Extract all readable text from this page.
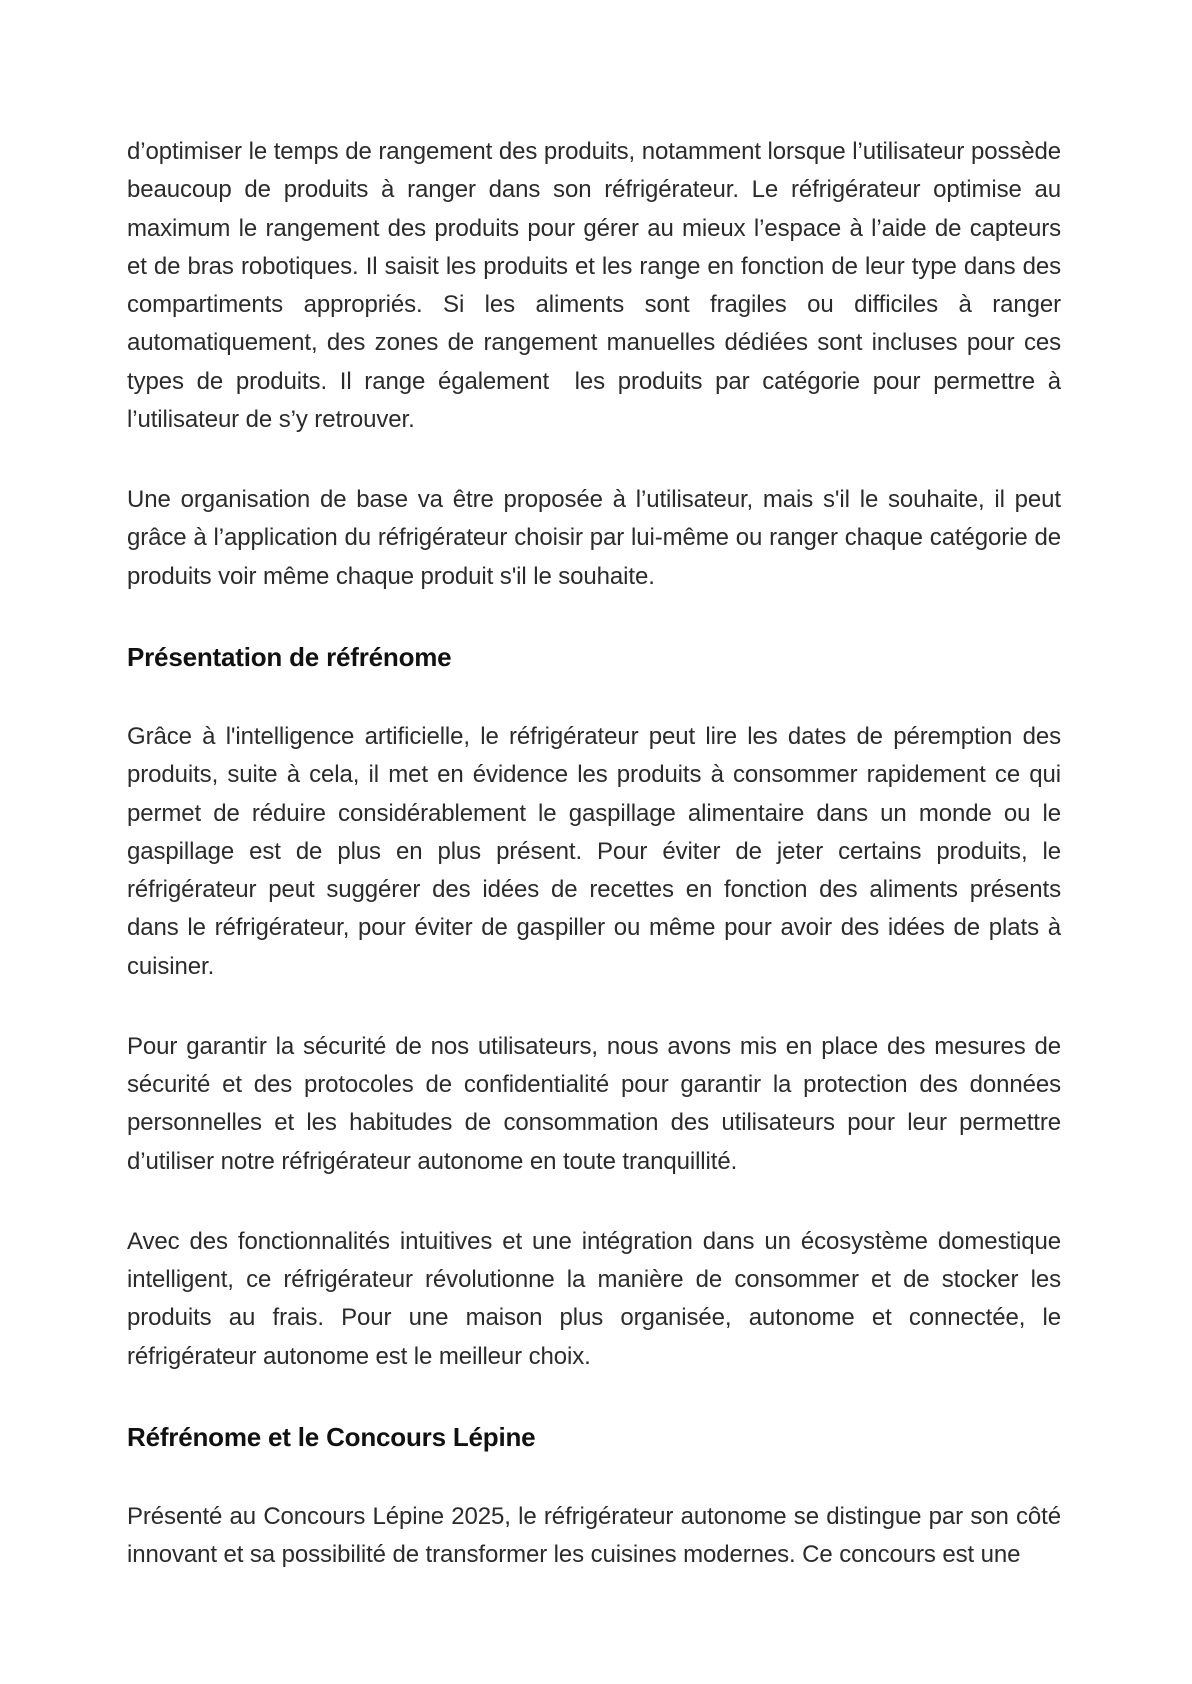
d’optimiser le temps de rangement des produits, notamment lorsque l’utilisateur possède beaucoup de produits à ranger dans son réfrigérateur. Le réfrigérateur optimise au maximum le rangement des produits pour gérer au mieux l’espace à l’aide de capteurs et de bras robotiques. Il saisit les produits et les range en fonction de leur type dans des compartiments appropriés. Si les aliments sont fragiles ou difficiles à ranger automatiquement, des zones de rangement manuelles dédiées sont incluses pour ces types de produits. Il range également  les produits par catégorie pour permettre à l’utilisateur de s’y retrouver.

Une organisation de base va être proposée à l’utilisateur, mais s'il le souhaite, il peut grâce à l’application du réfrigérateur choisir par lui-même ou ranger chaque catégorie de produits voir même chaque produit s'il le souhaite.

Présentation de réfrénome

Grâce à l'intelligence artificielle, le réfrigérateur peut lire les dates de péremption des produits, suite à cela, il met en évidence les produits à consommer rapidement ce qui permet de réduire considérablement le gaspillage alimentaire dans un monde ou le gaspillage est de plus en plus présent. Pour éviter de jeter certains produits, le réfrigérateur peut suggérer des idées de recettes en fonction des aliments présents dans le réfrigérateur, pour éviter de gaspiller ou même pour avoir des idées de plats à cuisiner.

Pour garantir la sécurité de nos utilisateurs, nous avons mis en place des mesures de sécurité et des protocoles de confidentialité pour garantir la protection des données personnelles et les habitudes de consommation des utilisateurs pour leur permettre d’utiliser notre réfrigérateur autonome en toute tranquillité.

Avec des fonctionnalités intuitives et une intégration dans un écosystème domestique intelligent, ce réfrigérateur révolutionne la manière de consommer et de stocker les produits au frais. Pour une maison plus organisée, autonome et connectée, le réfrigérateur autonome est le meilleur choix.

Réfrénome et le Concours Lépine

Présenté au Concours Lépine 2025, le réfrigérateur autonome se distingue par son côté innovant et sa possibilité de transformer les cuisines modernes. Ce concours est une
